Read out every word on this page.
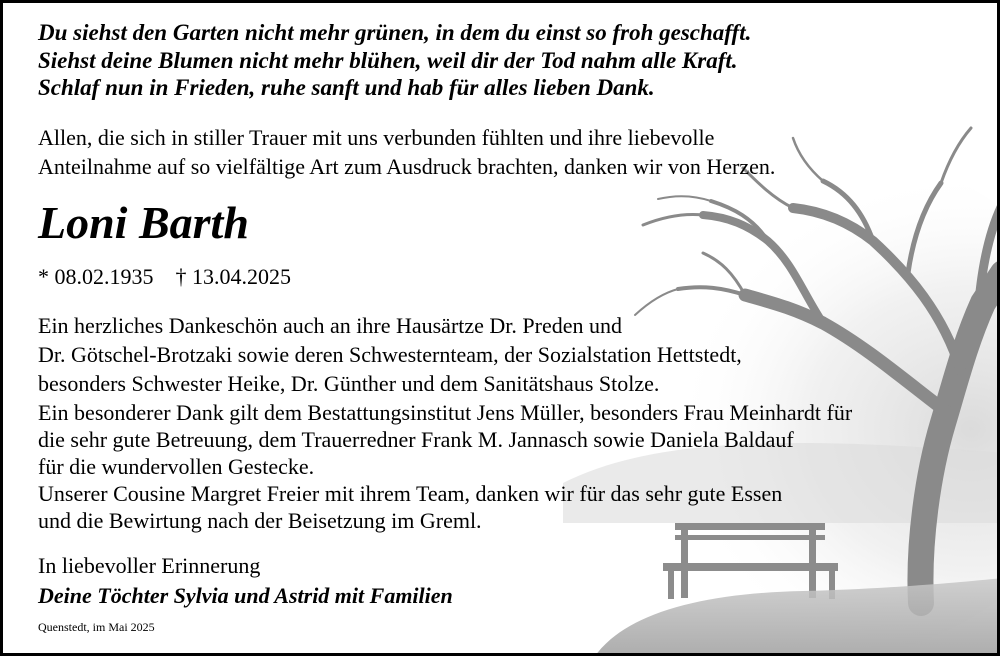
Du siehst den Garten nicht mehr grünen, in dem du einst so froh geschafft.
Siehst deine Blumen nicht mehr blühen, weil dir der Tod nahm alle Kraft.
Schlaf nun in Frieden, ruhe sanft und hab für alles lieben Dank.
Allen, die sich in stiller Trauer mit uns verbunden fühlten und ihre liebevolle
Anteilnahme auf so vielfältige Art zum Ausdruck brachten, danken wir von Herzen.
Loni Barth
* 08.02.1935 † 13.04.2025
Ein herzliches Dankeschön auch an ihre Hausärtze Dr. Preden und
Dr. Götschel-Brotzaki sowie deren Schwesternteam, der Sozialstation Hettstedt,
besonders Schwester Heike, Dr. Günther und dem Sanitätshaus Stolze.
Ein besonderer Dank gilt dem Bestattungsinstitut Jens Müller, besonders Frau Meinhardt für
die sehr gute Betreuung, dem Trauerredner Frank M. Jannasch sowie Daniela Baldauf
für die wundervollen Gestecke.
Unserer Cousine Margret Freier mit ihrem Team, danken wir für das sehr gute Essen
und die Bewirtung nach der Beisetzung im Greml.
In liebevoller Erinnerung
Deine Töchter Sylvia und Astrid mit Familien
Quenstedt, im Mai 2025
